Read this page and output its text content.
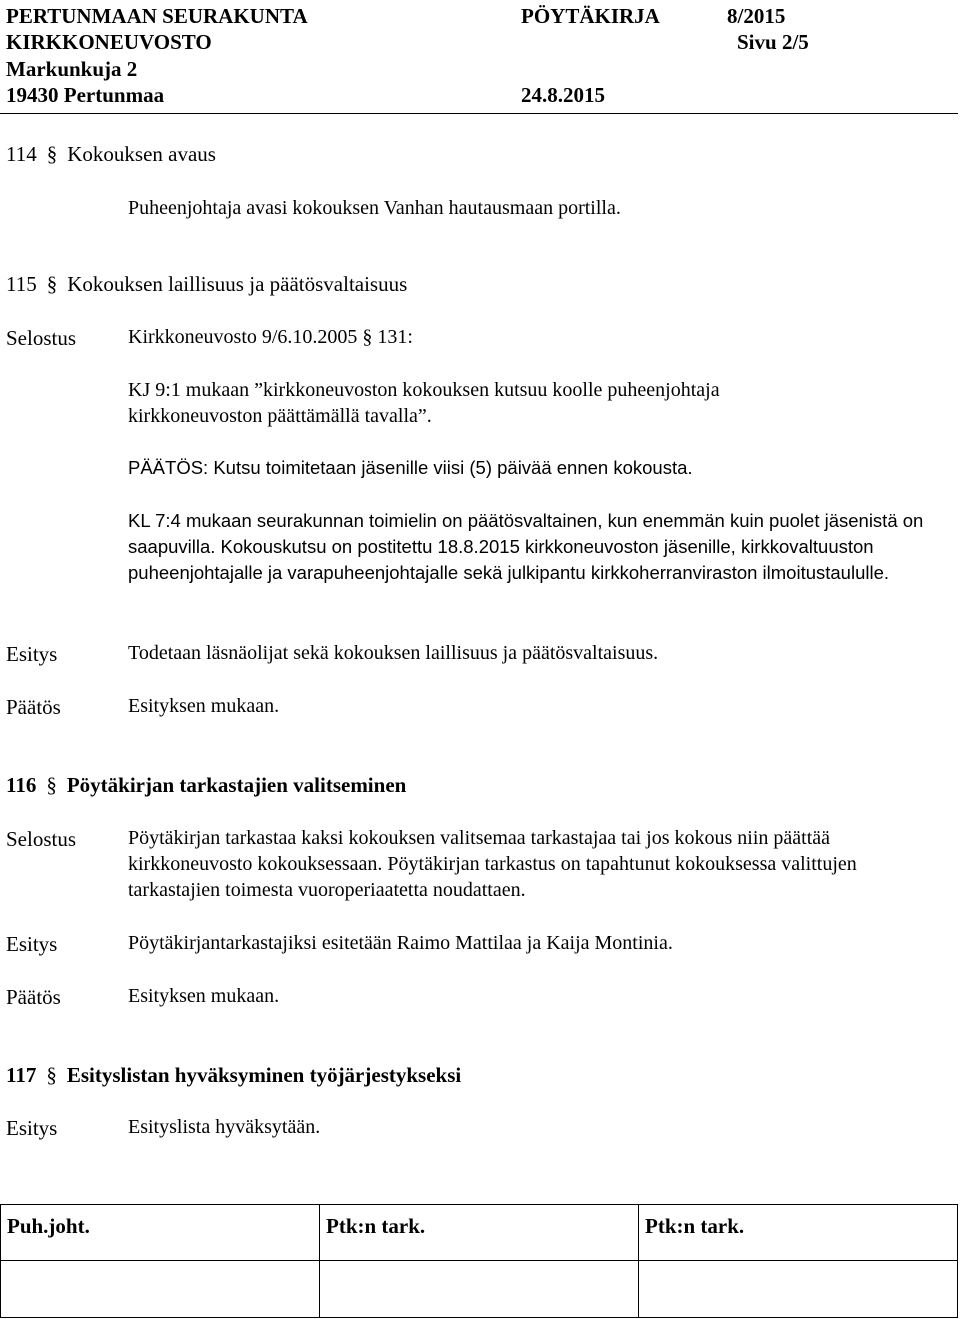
PERTUNMAAN SEURAKUNTA	PÖYTÄKIRJA	8/2015
KIRKKONEUVOSTO	Sivu 2/5
Markunkuja 2
19430 Pertunmaa	24.8.2015
114 § Kokouksen avaus
Puheenjohtaja avasi kokouksen Vanhan hautausmaan portilla.
115 § Kokouksen laillisuus ja päätösvaltaisuus
Selostus	Kirkkoneuvosto 9/6.10.2005 § 131:
KJ 9:1 mukaan ”kirkkoneuvoston kokouksen kutsuu koolle puheenjohtaja kirkkoneuvoston päättämällä tavalla”.
PÄÄTÖS: Kutsu toimitetaan jäsenille viisi (5) päivää ennen kokousta.
KL 7:4 mukaan seurakunnan toimielin on päätösvaltainen, kun enemmän kuin puolet jäsenistä on saapuvilla. Kokouskutsu on postitettu 18.8.2015 kirkkoneuvoston jäsenille, kirkkovaltuuston puheenjohtajalle ja varapuheenjohtajalle sekä julkipantu kirkkoherranviraston ilmoitustaululle.
Esitys	Todetaan läsnäolijat sekä kokouksen laillisuus ja päätösvaltaisuus.
Päätös	Esityksen mukaan.
116 § Pöytäkirjan tarkastajien valitseminen
Selostus	Pöytäkirjan tarkastaa kaksi kokouksen valitsemaa tarkastajaa tai jos kokous niin päättää kirkkoneuvosto kokouksessaan. Pöytäkirjan tarkastus on tapahtunut kokouksessa valittujen tarkastajien toimesta vuoroperiaatetta noudattaen.
Esitys	Pöytäkirjantarkastajiksi esitetään Raimo Mattilaa ja Kaija Montinia.
Päätös	Esityksen mukaan.
117 § Esityslistan hyväksyminen työjärjestykseksi
Esitys	Esityslista hyväksytään.
Puh.joht.	Ptk:n tark.	Ptk:n tark.
